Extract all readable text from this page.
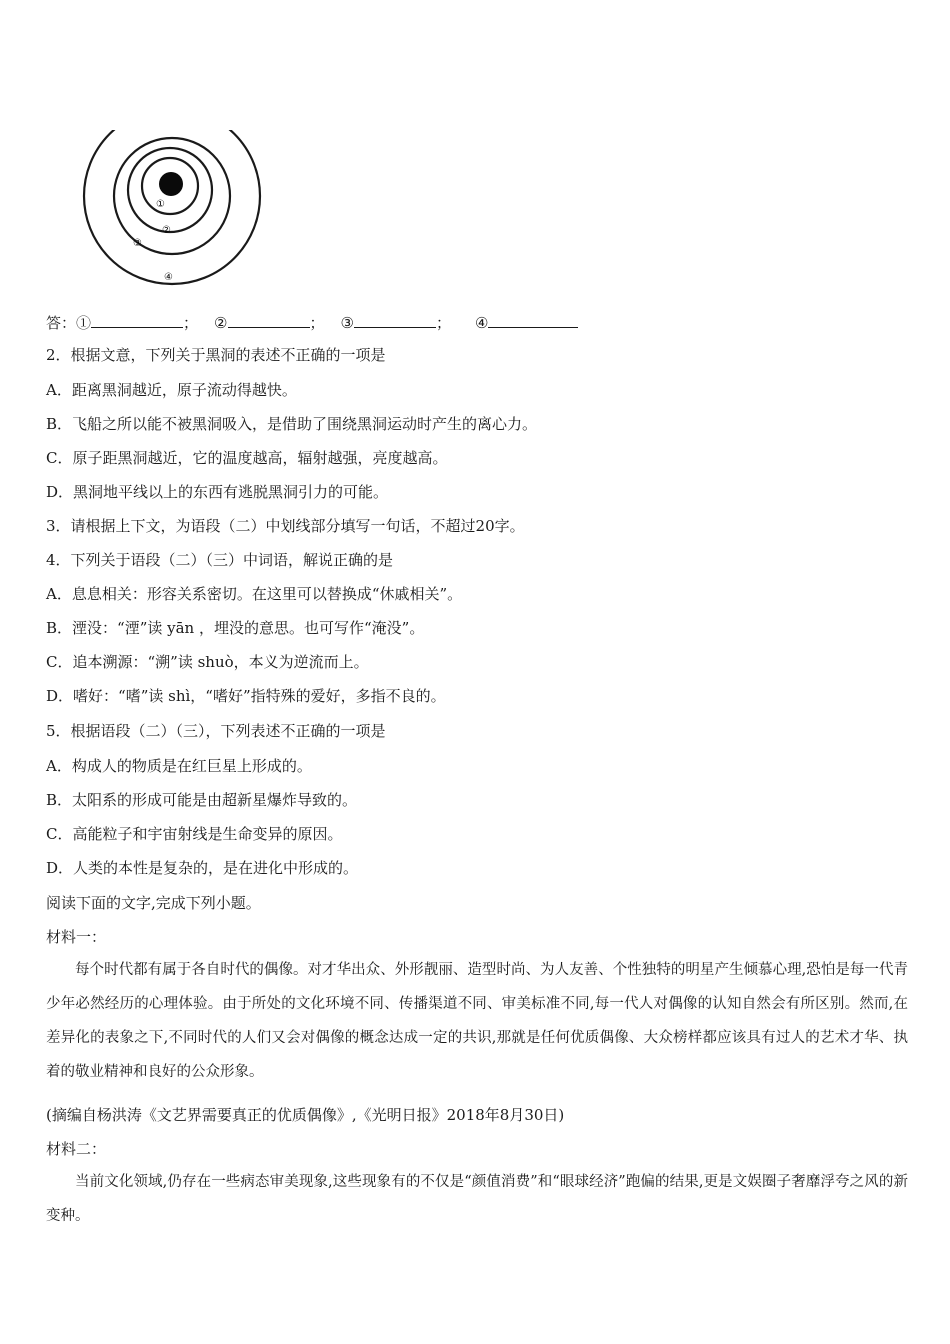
①
②
③
④
答：①	； ②	； ③	； ④
2．根据文意，下列关于黑洞的表述不正确的一项是
A．距离黑洞越近，原子流动得越快。
B．飞船之所以能不被黑洞吸入，是借助了围绕黑洞运动时产生的离心力。
C．原子距黑洞越近，它的温度越高，辐射越强，亮度越高。
D．黑洞地平线以上的东西有逃脱黑洞引力的可能。
3．请根据上下文，为语段（二）中划线部分填写一句话，不超过20字。
4．下列关于语段（二）（三）中词语，解说正确的是
A．息息相关：形容关系密切。在这里可以替换成“休戚相关”。
B．湮没：“湮”读 yān ，埋没的意思。也可写作“淹没”。
C．追本溯源：“溯”读 shuò，本义为逆流而上。
D．嗜好：“嗜”读 shì，“嗜好”指特殊的爱好，多指不良的。
5．根据语段（二）（三），下列表述不正确的一项是
A．构成人的物质是在红巨星上形成的。
B．太阳系的形成可能是由超新星爆炸导致的。
C．高能粒子和宇宙射线是生命变异的原因。
D．人类的本性是复杂的，是在进化中形成的。
阅读下面的文字,完成下列小题。
材料一：
每个时代都有属于各自时代的偶像。对才华出众、外形靓丽、造型时尚、为人友善、个性独特的明星产生倾慕心理,恐怕是每一代青少年必然经历的心理体验。由于所处的文化环境不同、传播渠道不同、审美标准不同,每一代人对偶像的认知自然会有所区别。然而,在差异化的表象之下,不同时代的人们又会对偶像的概念达成一定的共识,那就是任何优质偶像、大众榜样都应该具有过人的艺术才华、执着的敬业精神和良好的公众形象。
(摘编自杨洪涛《文艺界需要真正的优质偶像》,《光明日报》2018年8月30日)
材料二：
当前文化领域,仍存在一些病态审美现象,这些现象有的不仅是“颜值消费”和“眼球经济”跑偏的结果,更是文娱圈子奢靡浮夸之风的新变种。
